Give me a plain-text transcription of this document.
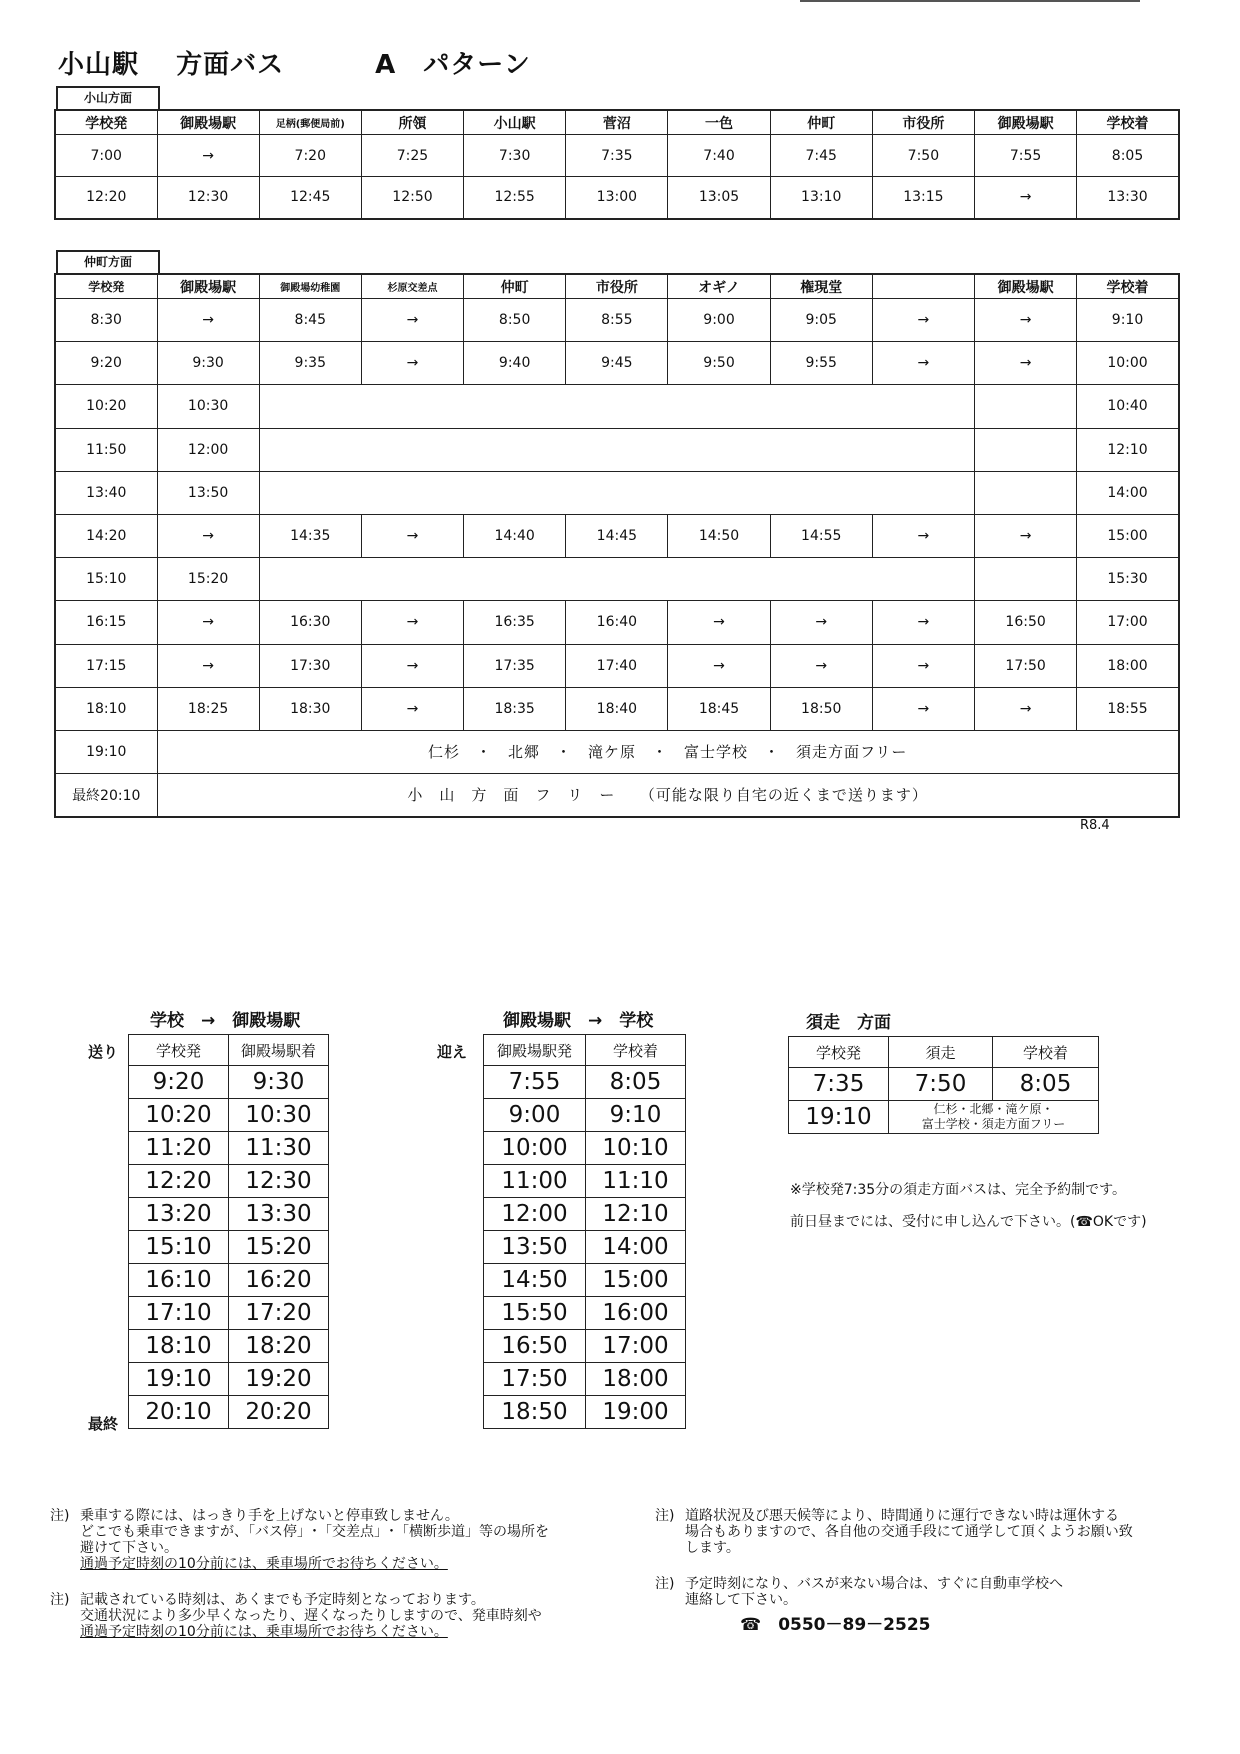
小山駅　 方面バス　　　	A　パターン
小山方面
学校発	御殿場駅	足柄(郵便局前)	所領	小山駅	菅沼	一色	仲町	市役所	御殿場駅	学校着
7:00	→	7:20	7:25	7:30	7:35	7:40	7:45	7:50	7:55	8:05
12:20	12:30	12:45	12:50	12:55	13:00	13:05	13:10	13:15	→	13:30
仲町方面
学校発	御殿場駅	御殿場幼稚園	杉原交差点	仲町	市役所	オギノ	権現堂		御殿場駅	学校着
8:30	→	8:45	→	8:50	8:55	9:00	9:05	→	→	9:10
9:20	9:30	9:35	→	9:40	9:45	9:50	9:55	→	→	10:00
10:20	10:30									10:40
11:50	12:00									12:10
13:40	13:50									14:00
14:20	→	14:35	→	14:40	14:45	14:50	14:55	→	→	15:00
15:10	15:20									15:30
16:15	→	16:30	→	16:35	16:40	→	→	→	16:50	17:00
17:15	→	17:30	→	17:35	17:40	→	→	→	17:50	18:00
18:10	18:25	18:30	→	18:35	18:40	18:45	18:50	→	→	18:55
19:10	仁杉　・　北郷　・　滝ケ原　・　富士学校　・　須走方面フリー									
最終20:10	小　山　方　面　フ　リ　ー　　（可能な限り自宅の近くまで送ります）									
R8.4
学校　→　御殿場駅
送り
最終
学校発	御殿場駅着
9:20	9:30
10:20	10:30
11:20	11:30
12:20	12:30
13:20	13:30
15:10	15:20
16:10	16:20
17:10	17:20
18:10	18:20
19:10	19:20
20:10	20:20
御殿場駅　→　学校
迎え 御殿場駅発	学校着
7:55	8:05
9:00	9:10
10:00	10:10
11:00	11:10
12:00	12:10
13:50	14:00
14:50	15:00
15:50	16:00
16:50	17:00
17:50	18:00
18:50	19:00
須走　方面
学校発	須走	学校着
7:35	7:50	8:05
19:10	仁杉・北郷・滝ケ原・
富士学校・須走方面フリー	
※学校発7:35分の須走方面バスは、完全予約制です。
前日昼までには、受付に申し込んで下さい。(☎OKです)
注) 乗車する際には、はっきり手を上げないと停車致しません。
どこでも乗車できますが、「バス停」･「交差点」･「横断歩道」等の場所を
避けて下さい。
通過予定時刻の10分前には、乗車場所でお待ちください。
注) 記載されている時刻は、あくまでも予定時刻となっております。
交通状況により多少早くなったり、遅くなったりしますので、発車時刻や
通過予定時刻の10分前には、乗車場所でお待ちください。
注) 道路状況及び悪天候等により、時間通りに運行できない時は運休する
場合もありますので、各自他の交通手段にて通学して頂くようお願い致
します。
注) 予定時刻になり、バスが来ない場合は、すぐに自動車学校へ
連絡して下さい。
☎　 0550－89－2525
